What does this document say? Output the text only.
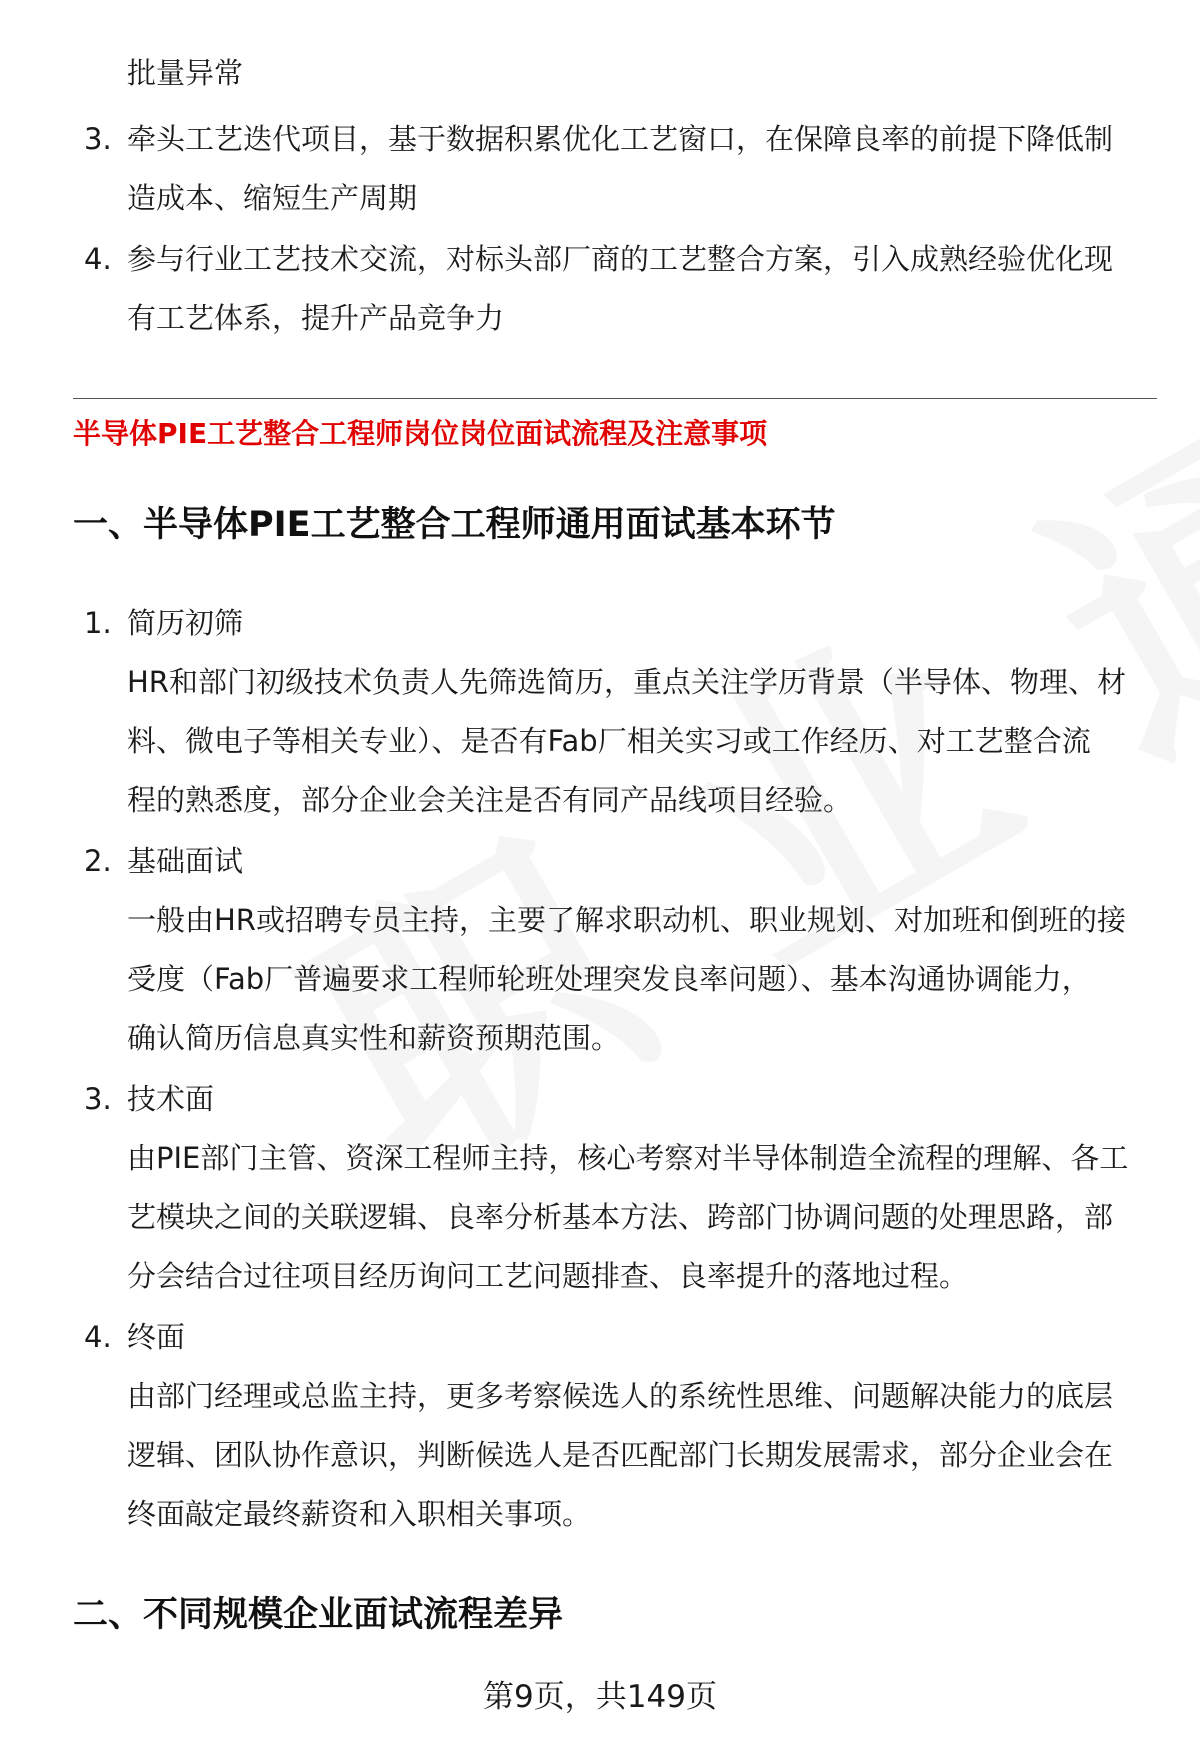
批量异常
3. 牵头工艺迭代项目，基于数据积累优化工艺窗口，在保障良率的前提下降低制
造成本、缩短生产周期
4. 参与行业工艺技术交流，对标头部厂商的工艺整合方案，引入成熟经验优化现
有工艺体系，提升产品竞争力
半导体PIE工艺整合工程师岗位岗位面试流程及注意事项
一、半导体PIE工艺整合工程师通用面试基本环节
1. 简历初筛
HR和部门初级技术负责人先筛选简历，重点关注学历背景（半导体、物理、材
料、微电子等相关专业）、是否有Fab厂相关实习或工作经历、对工艺整合流
程的熟悉度，部分企业会关注是否有同产品线项目经验。
2. 基础面试
一般由HR或招聘专员主持，主要了解求职动机、职业规划、对加班和倒班的接
受度（Fab厂普遍要求工程师轮班处理突发良率问题）、基本沟通协调能力，
确认简历信息真实性和薪资预期范围。
3. 技术面
由PIE部门主管、资深工程师主持，核心考察对半导体制造全流程的理解、各工
艺模块之间的关联逻辑、良率分析基本方法、跨部门协调问题的处理思路，部
分会结合过往项目经历询问工艺问题排查、良率提升的落地过程。
4. 终面
由部门经理或总监主持，更多考察候选人的系统性思维、问题解决能力的底层
逻辑、团队协作意识，判断候选人是否匹配部门长期发展需求，部分企业会在
终面敲定最终薪资和入职相关事项。
二、不同规模企业面试流程差异
第9页，共149页
